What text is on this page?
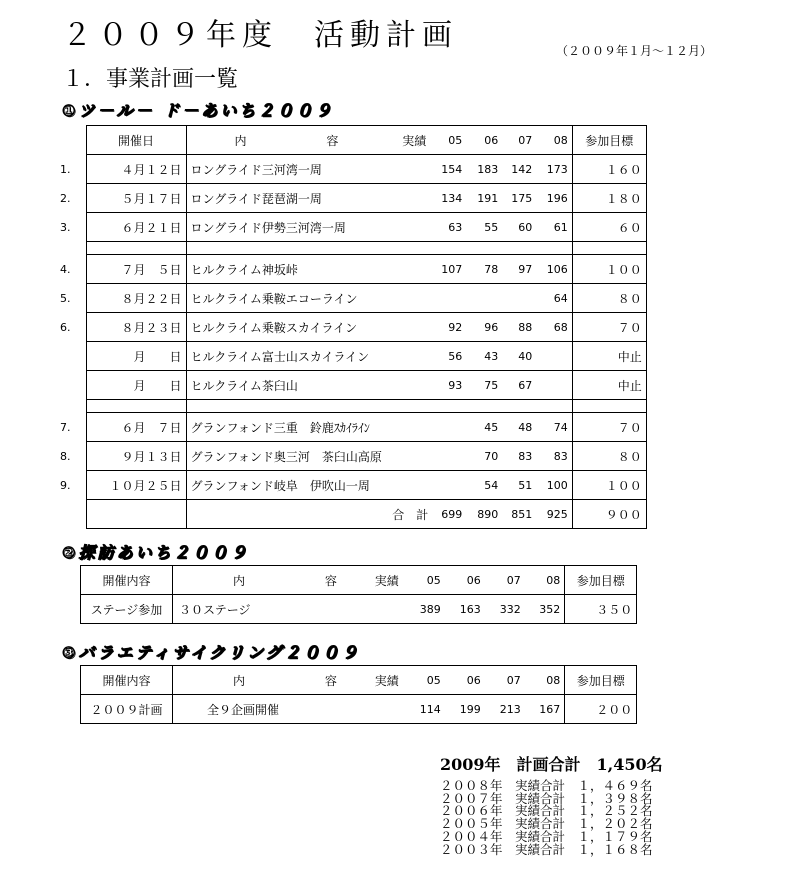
２００９年度　活動計画	（２００９年１月～１２月）
１．事業計画一覧
①ツ－ル－ ド－あいち２００９
	開催日	内 容 実績	05	06	07	08	参加目標
1.	４月１２日	ロングライド三河湾一周	154	183	142	173	１６０
2.	５月１７日	ロングライド琵琶湖一周	134	191	175	196	１８０
3.	６月２１日	ロングライド伊勢三河湾一周	63	55	60	61	６０

4.	７月　５日	ヒルクライム神坂峠	107	78	97	106	１００
5.	８月２２日	ヒルクライム乗鞍エコーライン				64	８０
6.	８月２３日	ヒルクライム乗鞍スカイライン	92	96	88	68	７０
	月　　日	ヒルクライム富士山スカイライン	56	43	40		中止
	月　　日	ヒルクライム茶臼山	93	75	67		中止

7.	６月　７日	グランフォンド三重　鈴鹿ｽｶｲﾗｲﾝ		45	48	74	７０
8.	９月１３日	グランフォンド奥三河　茶臼山高原		70	83	83	８０
9.	１０月２５日	グランフォンド岐阜　伊吹山一周		54	51	100	１００
		合　計	699	890	851	925	９００
②探訪あいち２００９
開催内容	内 容 実績	05	06	07	08	参加目標
ステージ参加	３０ステージ	389	163	332	352	３５０
③バラエティサイクリング２００９
開催内容	内 容 実績	05	06	07	08	参加目標
２００９計画	全９企画開催	114	199	213	167	２００
2009年　計画合計　1,450名
２００８年　実績合計　１，４６９名
２００７年　実績合計　１，３９８名
２００６年　実績合計　１，２５２名
２００５年　実績合計　１，２０２名
２００４年　実績合計　１，１７９名
２００３年　実績合計　１，１６８名
